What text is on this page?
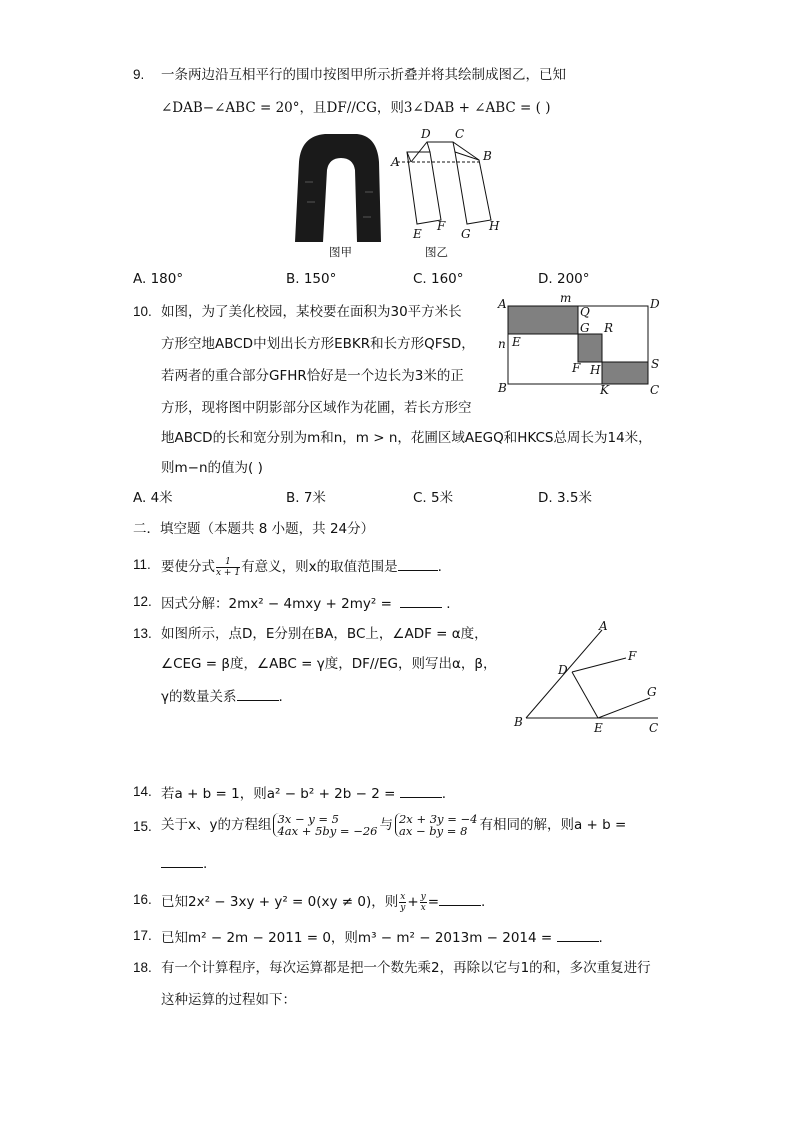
9. 一条两边沿互相平行的围巾按图甲所示折叠并将其绘制成图乙，已知
∠DAB−∠ABC = 20°，且DF//CG，则3∠DAB + ∠ABC = ( )
D C
A	B
E
F
G
H
图甲	图乙
A. 180°	B. 150°	C. 160°	D. 200°
10. 如图，为了美化校园，某校要在面积为30平方米长
方形空地ABCD中划出长方形EBKR和长方形QFSD，
若两者的重合部分GFHR恰好是一个边长为3米的正
方形，现将图中阴影部分区域作为花圃，若长方形空
地ABCD的长和宽分别为m和n，m > n，花圃区域AEGQ和HKCS总周长为14米，
则m−n的值为( )
A	m
Q
D
G R
n E
S
F H
B	K	C
A. 4米	B. 7米	C. 5米	D. 3.5米
二．填空题（本题共 8 小题，共 24分）
11. 要使分式 $\frac{1}{x + 1}$ 有意义，则x的取值范围是	.
12. 因式分解：2mx² − 4mxy + 2my² =	.
13. 如图所示，点D，E分别在BA，BC上，∠ADF = α度，
∠CEG = β度，∠ABC = γ度，DF//EG，则写出α，β，
γ的数量关系	.
A
F
D
G
B	E	C
14. 若a + b = 1，则a² − b² + 2b − 2 =	.
15. 关于x、y的方程组 3x − y = 5
4ax + 5by = −26 与 2x + 3y = −4
ax − by = 8 有相同的解，则a + b =
.
16. 已知2x² − 3xy + y² = 0(xy ≠ 0)，则 $\frac{x}{y} + \frac{y}{x}$ =	.
17. 已知m² − 2m − 2011 = 0，则m³ − m² − 2013m − 2014 =	.
18. 有一个计算程序，每次运算都是把一个数先乘2，再除以它与1的和，多次重复进行
这种运算的过程如下：
